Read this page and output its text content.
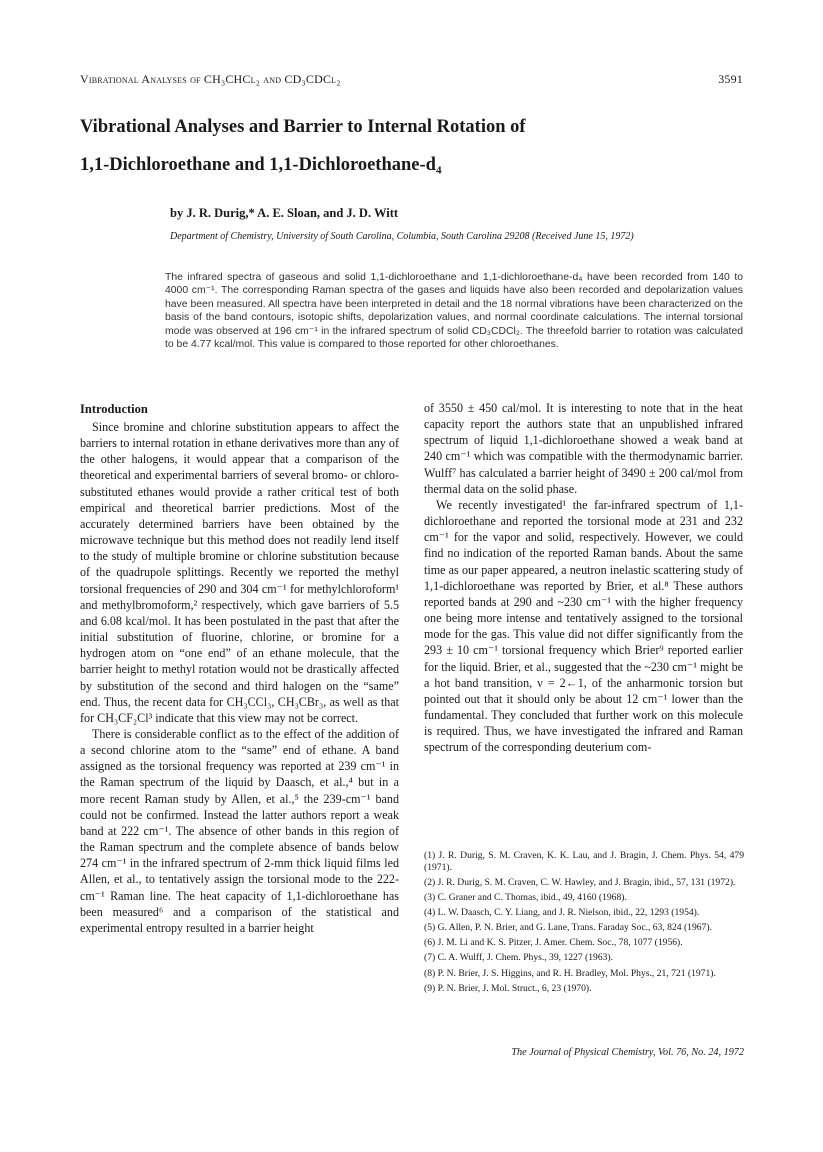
Vibrational Analyses of CH₃CHCl₂ and CD₃CDCl₂	3591
Vibrational Analyses and Barrier to Internal Rotation of
1,1-Dichloroethane and 1,1-Dichloroethane-d₄
by J. R. Durig,* A. E. Sloan, and J. D. Witt
Department of Chemistry, University of South Carolina, Columbia, South Carolina 29208 (Received June 15, 1972)
The infrared spectra of gaseous and solid 1,1-dichloroethane and 1,1-dichloroethane-d₄ have been recorded from 140 to 4000 cm⁻¹. The corresponding Raman spectra of the gases and liquids have also been recorded and depolarization values have been measured. All spectra have been interpreted in detail and the 18 normal vibrations have been characterized on the basis of the band contours, isotopic shifts, depolarization values, and normal coordinate calculations. The internal torsional mode was observed at 196 cm⁻¹ in the infrared spectrum of solid CD₃CDCl₂. The threefold barrier to rotation was calculated to be 4.77 kcal/mol. This value is compared to those reported for other chloroethanes.
Introduction

Since bromine and chlorine substitution appears to affect the barriers to internal rotation in ethane derivatives more than any of the other halogens, it would appear that a comparison of the theoretical and experimental barriers of several bromo- or chloro-substituted ethanes would provide a rather critical test of both empirical and theoretical barrier predictions. Most of the accurately determined barriers have been obtained by the microwave technique but this method does not readily lend itself to the study of multiple bromine or chlorine substitution because of the quadrupole splittings. Recently we reported the methyl torsional frequencies of 290 and 304 cm⁻¹ for methylchloroform¹ and methylbromoform,² respectively, which gave barriers of 5.5 and 6.08 kcal/mol. It has been postulated in the past that after the initial substitution of fluorine, chlorine, or bromine for a hydrogen atom on “one end” of an ethane molecule, that the barrier height to methyl rotation would not be drastically affected by substitution of the second and third halogen on the “same” end. Thus, the recent data for CH₃CCl₃, CH₃CBr₃, as well as that for CH₃CF₂Cl³ indicate that this view may not be correct.

There is considerable conflict as to the effect of the addition of a second chlorine atom to the “same” end of ethane. A band assigned as the torsional frequency was reported at 239 cm⁻¹ in the Raman spectrum of the liquid by Daasch, et al.,⁴ but in a more recent Raman study by Allen, et al.,⁵ the 239-cm⁻¹ band could not be confirmed. Instead the latter authors report a weak band at 222 cm⁻¹. The absence of other bands in this region of the Raman spectrum and the complete absence of bands below 274 cm⁻¹ in the infrared spectrum of 2-mm thick liquid films led Allen, et al., to tentatively assign the torsional mode to the 222-cm⁻¹ Raman line. The heat capacity of 1,1-dichloroethane has been measured⁶ and a comparison of the statistical and experimental entropy resulted in a barrier height

of 3550 ± 450 cal/mol. It is interesting to note that in the heat capacity report the authors state that an unpublished infrared spectrum of liquid 1,1-dichloroethane showed a weak band at 240 cm⁻¹ which was compatible with the thermodynamic barrier. Wulff⁷ has calculated a barrier height of 3490 ± 200 cal/mol from thermal data on the solid phase.

We recently investigated¹ the far-infrared spectrum of 1,1-dichloroethane and reported the torsional mode at 231 and 232 cm⁻¹ for the vapor and solid, respectively. However, we could find no indication of the reported Raman bands. About the same time as our paper appeared, a neutron inelastic scattering study of 1,1-dichloroethane was reported by Brier, et al.⁸ These authors reported bands at 290 and ~230 cm⁻¹ with the higher frequency one being more intense and tentatively assigned to the torsional mode for the gas. This value did not differ significantly from the 293 ± 10 cm⁻¹ torsional frequency which Brier⁹ reported earlier for the liquid. Brier, et al., suggested that the ~230 cm⁻¹ might be a hot band transition, ν = 2←1, of the anharmonic torsion but pointed out that it should only be about 12 cm⁻¹ lower than the fundamental. They concluded that further work on this molecule is required. Thus, we have investigated the infrared and Raman spectrum of the corresponding deuterium com-

(1) J. R. Durig, S. M. Craven, K. K. Lau, and J. Bragin, J. Chem. Phys. 54, 479 (1971).
(2) J. R. Durig, S. M. Craven, C. W. Hawley, and J. Bragin, ibid., 57, 131 (1972).
(3) C. Graner and C. Thomas, ibid., 49, 4160 (1968).
(4) L. W. Daasch, C. Y. Liang, and J. R. Nielson, ibid., 22, 1293 (1954).
(5) G. Allen, P. N. Brier, and G. Lane, Trans. Faraday Soc., 63, 824 (1967).
(6) J. M. Li and K. S. Pitzer, J. Amer. Chem. Soc., 78, 1077 (1956).
(7) C. A. Wulff, J. Chem. Phys., 39, 1227 (1963).
(8) P. N. Brier, J. S. Higgins, and R. H. Bradley, Mol. Phys., 21, 721 (1971).
(9) P. N. Brier, J. Mol. Struct., 6, 23 (1970).
The Journal of Physical Chemistry, Vol. 76, No. 24, 1972
